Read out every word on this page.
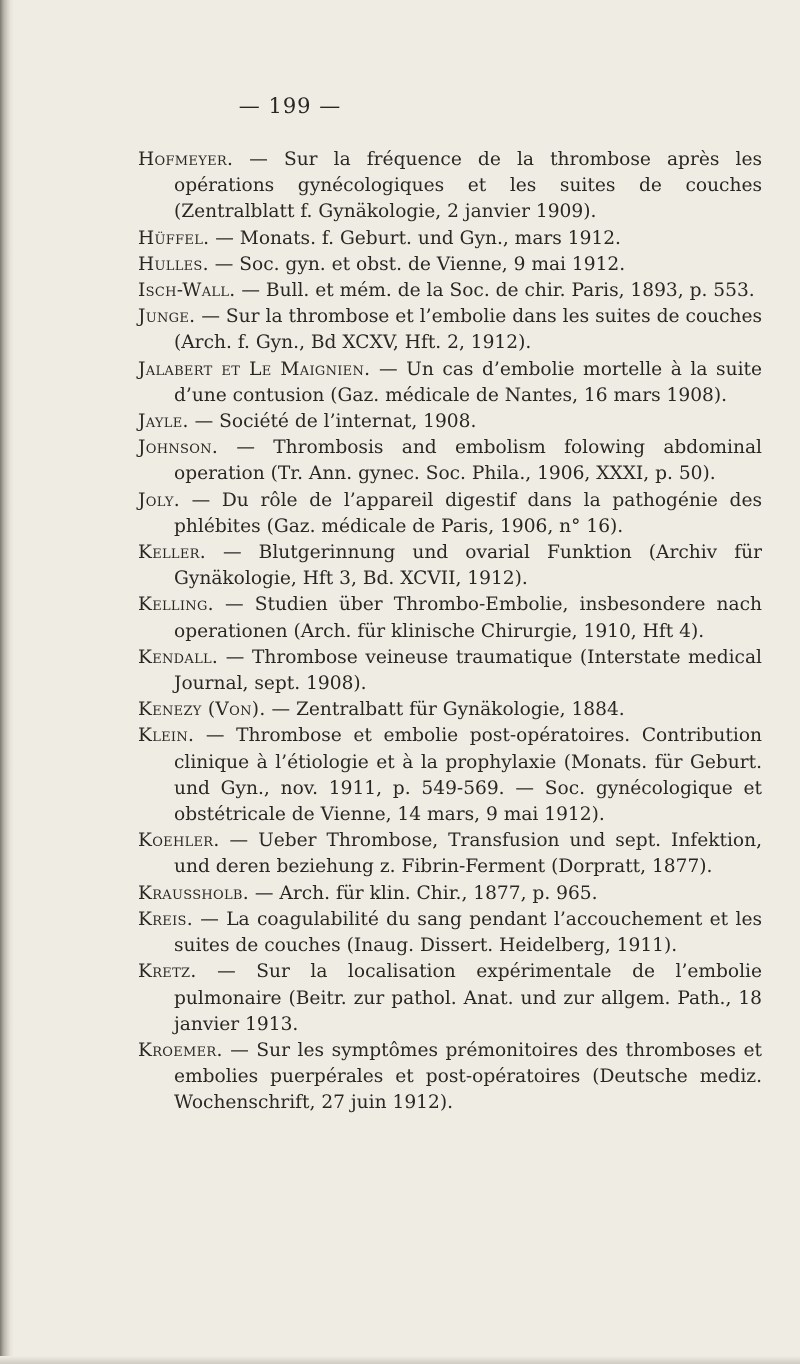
— 199 —
Hofmeyer. — Sur la fréquence de la thrombose après les opérations gynécologiques et les suites de couches (Zentralblatt f. Gynäkologie, 2 janvier 1909).
Hüffel. — Monats. f. Geburt. und Gyn., mars 1912.
Hulles. — Soc. gyn. et obst. de Vienne, 9 mai 1912.
Isch-Wall. — Bull. et mém. de la Soc. de chir. Paris, 1893, p. 553.
Junge. — Sur la thrombose et l’embolie dans les suites de couches (Arch. f. Gyn., Bd XCXV, Hft. 2, 1912).
Jalabert et Le Maignien. — Un cas d’embolie mortelle à la suite d’une contusion (Gaz. médicale de Nantes, 16 mars 1908).
Jayle. — Société de l’internat, 1908.
Johnson. — Thrombosis and embolism folowing abdominal operation (Tr. Ann. gynec. Soc. Phila., 1906, XXXI, p. 50).
Joly. — Du rôle de l’appareil digestif dans la pathogénie des phlébites (Gaz. médicale de Paris, 1906, n° 16).
Keller. — Blutgerinnung und ovarial Funktion (Archiv für Gynäkologie, Hft 3, Bd. XCVII, 1912).
Kelling. — Studien über Thrombo-Embolie, insbesondere nach operationen (Arch. für klinische Chirurgie, 1910, Hft 4).
Kendall. — Thrombose veineuse traumatique (Interstate medical Journal, sept. 1908).
Kenezy (Von). — Zentralbatt für Gynäkologie, 1884.
Klein. — Thrombose et embolie post-opératoires. Contribution clinique à l’étiologie et à la prophylaxie (Monats. für Geburt. und Gyn., nov. 1911, p. 549-569. — Soc. gynécologique et obstétricale de Vienne, 14 mars, 9 mai 1912).
Koehler. — Ueber Thrombose, Transfusion und sept. Infektion, und deren beziehung z. Fibrin-Ferment (Dorpratt, 1877).
Kraussholb. — Arch. für klin. Chir., 1877, p. 965.
Kreis. — La coagulabilité du sang pendant l’accouchement et les suites de couches (Inaug. Dissert. Heidelberg, 1911).
Kretz. — Sur la localisation expérimentale de l’embolie pulmonaire (Beitr. zur pathol. Anat. und zur allgem. Path., 18 janvier 1913.
Kroemer. — Sur les symptômes prémonitoires des thromboses et embolies puerpérales et post-opératoires (Deutsche mediz. Wochenschrift, 27 juin 1912).
